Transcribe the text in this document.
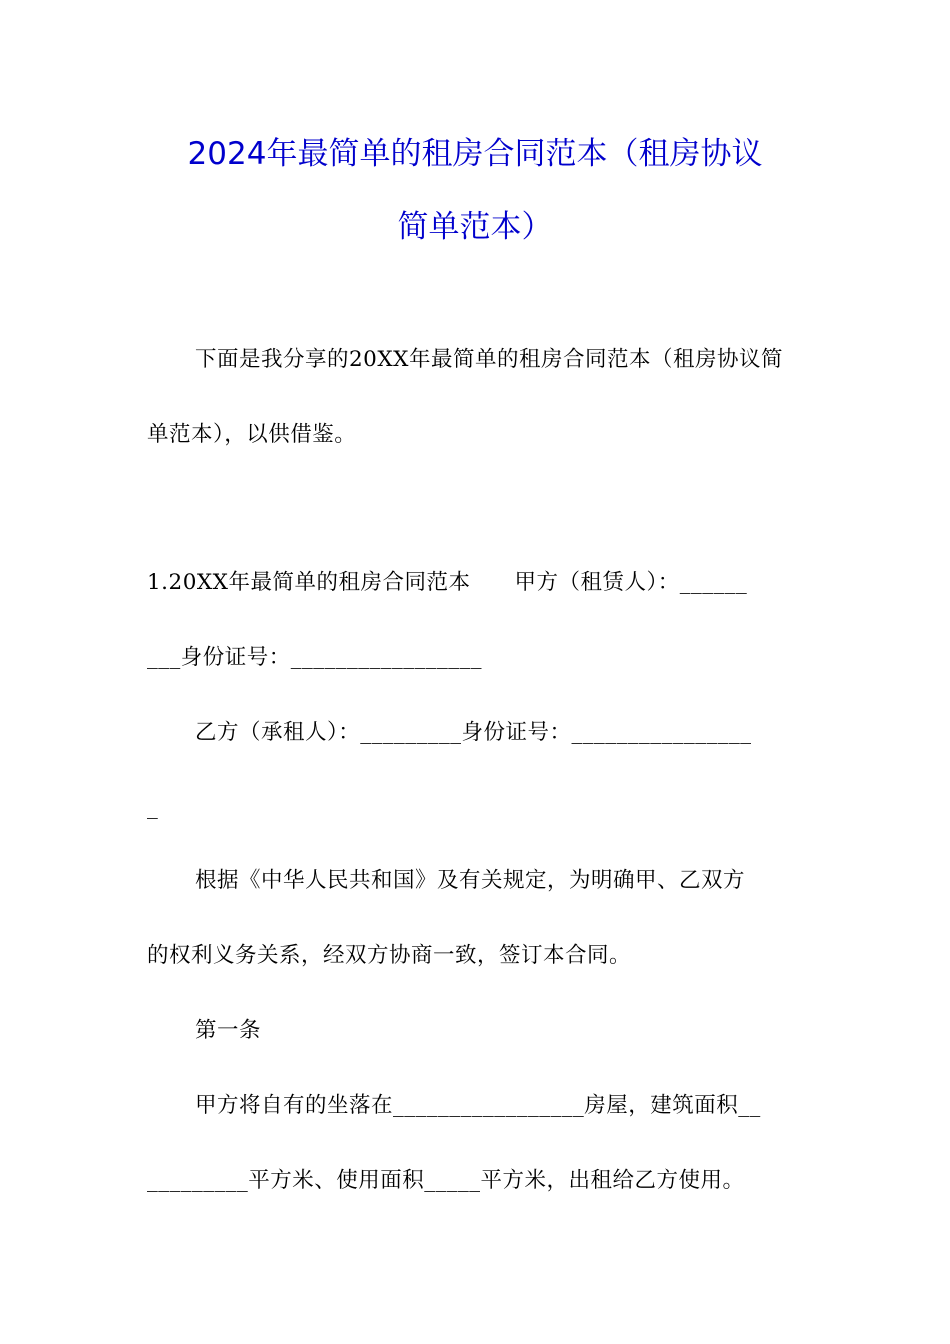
2024年最简单的租房合同范本（租房协议
简单范本）
下面是我分享的20XX年最简单的租房合同范本（租房协议简
单范本），以供借鉴。
1.20XX年最简单的租房合同范本　　甲方（租赁人）：______
___身份证号：_________________
乙方（承租人）：_________身份证号：________________
_
根据《中华人民共和国》及有关规定，为明确甲、乙双方
的权利义务关系，经双方协商一致，签订本合同。
第一条
甲方将自有的坐落在_________________房屋，建筑面积__
_________平方米、使用面积_____平方米，出租给乙方使用。
